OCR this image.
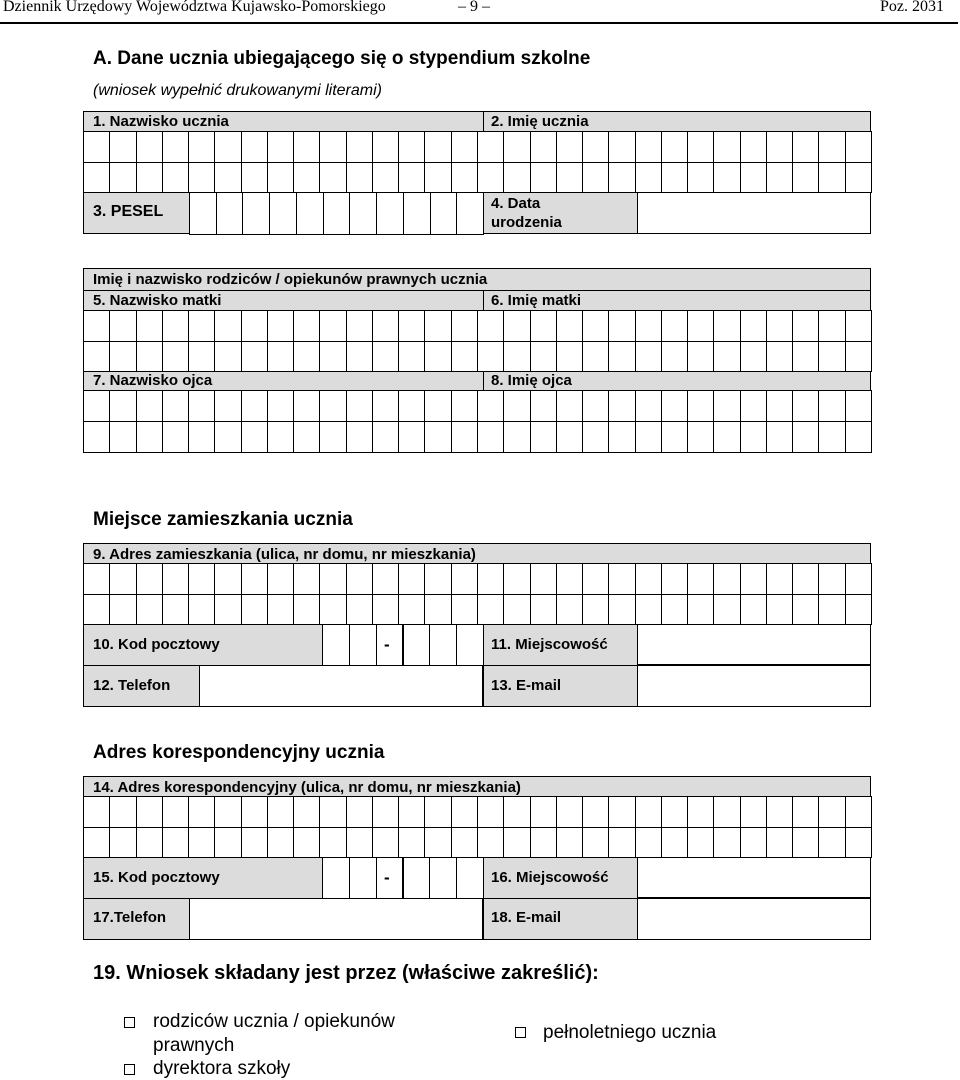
Dziennik Urzędowy Województwa Kujawsko-Pomorskiego	– 9 –	Poz. 2031
A. Dane ucznia ubiegającego się o stypendium szkolne
(wniosek wypełnić drukowanymi literami)
1. Nazwisko ucznia	2. Imię ucznia
3. PESEL	4. Data
urodzenia
Imię i nazwisko rodziców / opiekunów prawnych ucznia
5. Nazwisko matki	6. Imię matki
7. Nazwisko ojca	8. Imię ojca
Miejsce zamieszkania ucznia
9. Adres zamieszkania (ulica, nr domu, nr mieszkania)
10. Kod pocztowy	-	11. Miejscowość
12. Telefon	13. E-mail
Adres korespondencyjny ucznia
14. Adres korespondencyjny (ulica, nr domu, nr mieszkania)
15. Kod pocztowy	-	16. Miejscowość
17.Telefon	18. E-mail
19. Wniosek składany jest przez (właściwe zakreślić):
rodziców ucznia / opiekunów
prawnych
dyrektora szkoły
pełnoletniego ucznia
